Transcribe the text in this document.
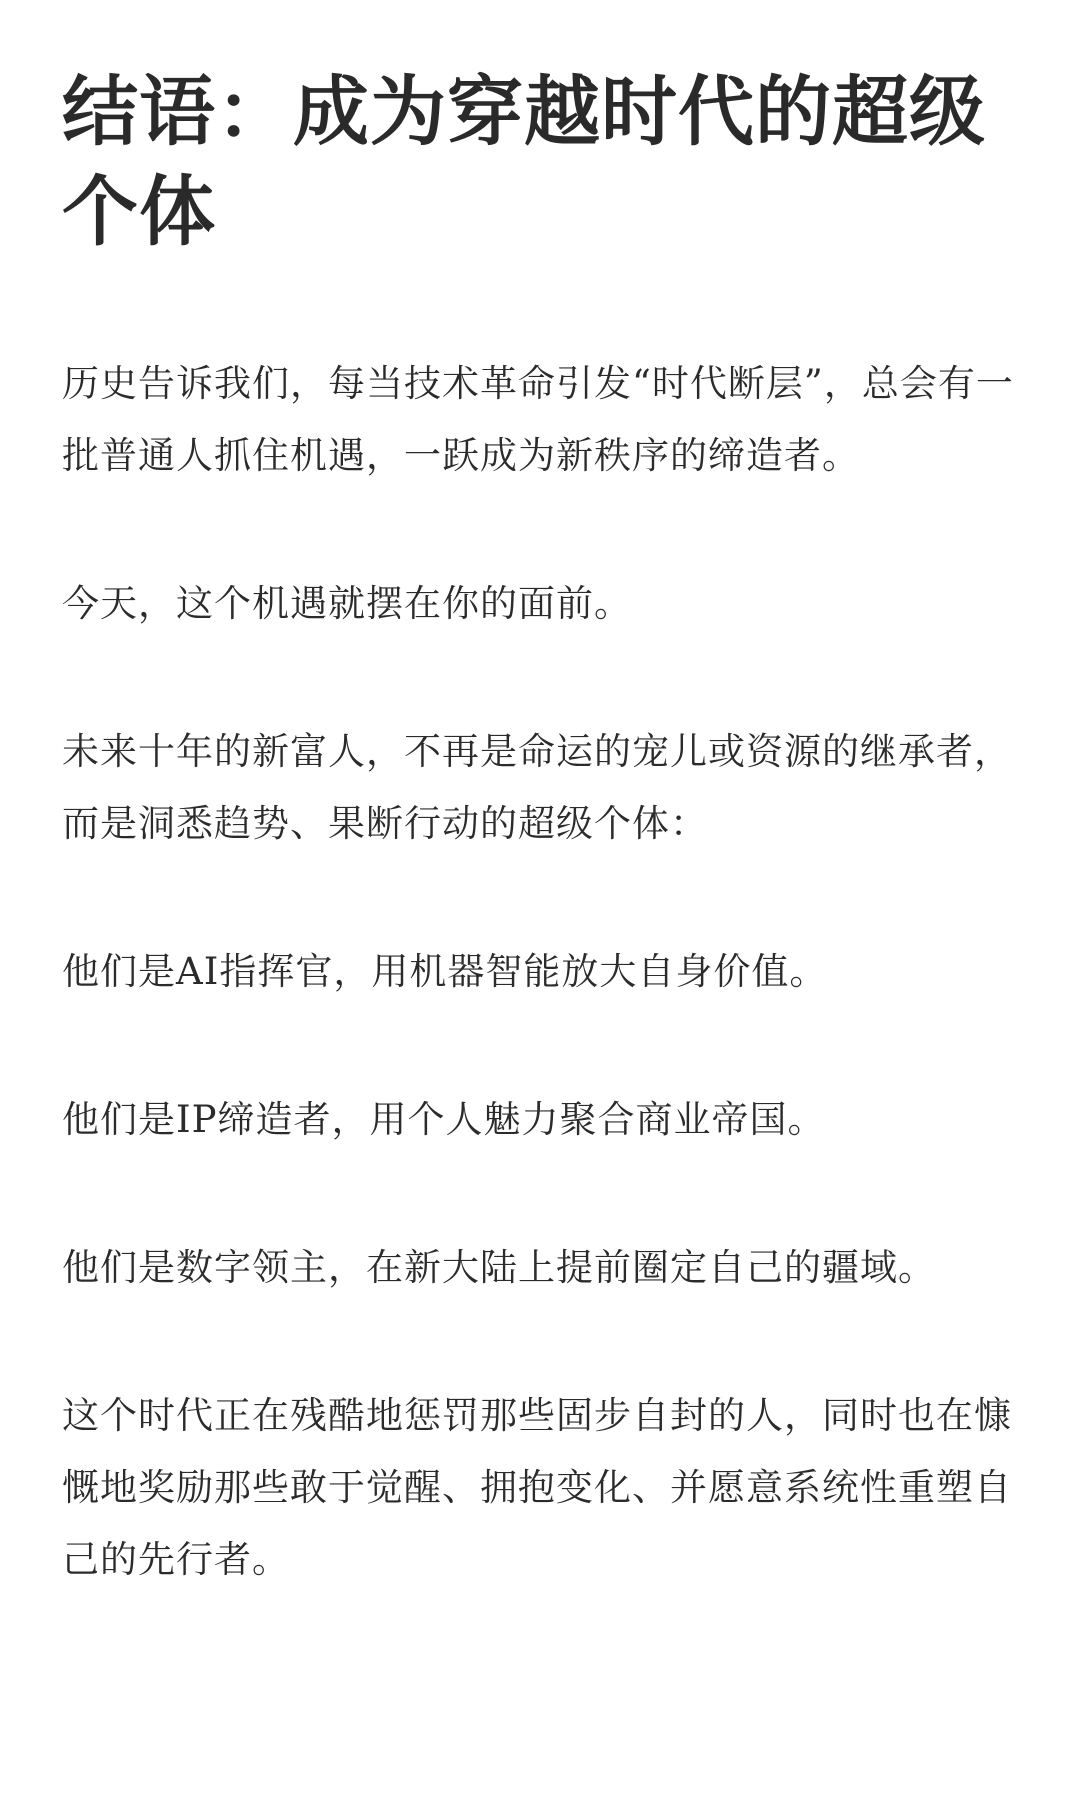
结语：成为穿越时代的超级个体

历史告诉我们，每当技术革命引发“时代断层”，总会有一批普通人抓住机遇，一跃成为新秩序的缔造者。

今天，这个机遇就摆在你的面前。

未来十年的新富人，不再是命运的宠儿或资源的继承者，而是洞悉趋势、果断行动的超级个体：

他们是AI指挥官，用机器智能放大自身价值。

他们是IP缔造者，用个人魅力聚合商业帝国。

他们是数字领主，在新大陆上提前圈定自己的疆域。

这个时代正在残酷地惩罚那些固步自封的人，同时也在慷慨地奖励那些敢于觉醒、拥抱变化、并愿意系统性重塑自己的先行者。
